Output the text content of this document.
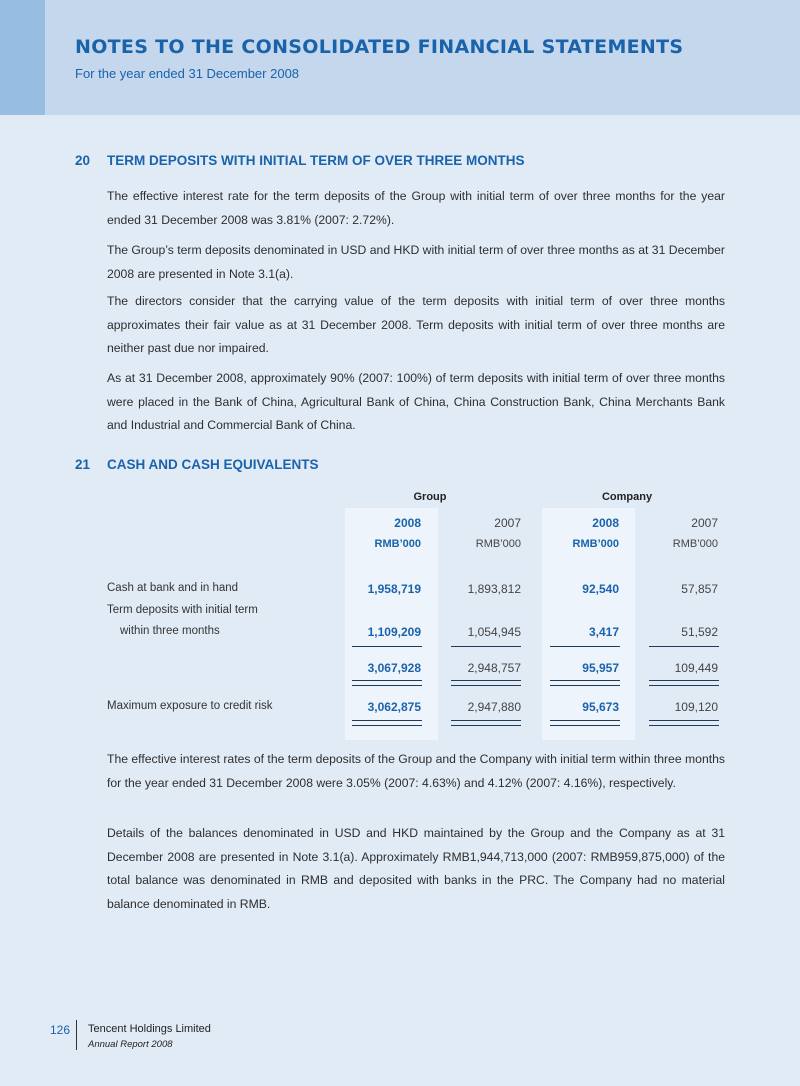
NOTES TO THE CONSOLIDATED FINANCIAL STATEMENTS
For the year ended 31 December 2008
20 TERM DEPOSITS WITH INITIAL TERM OF OVER THREE MONTHS

The effective interest rate for the term deposits of the Group with initial term of over three months for the year ended 31 December 2008 was 3.81% (2007: 2.72%).

The Group’s term deposits denominated in USD and HKD with initial term of over three months as at 31 December 2008 are presented in Note 3.1(a).

The directors consider that the carrying value of the term deposits with initial term of over three months approximates their fair value as at 31 December 2008. Term deposits with initial term of over three months are neither past due nor impaired.

As at 31 December 2008, approximately 90% (2007: 100%) of term deposits with initial term of over three months were placed in the Bank of China, Agricultural Bank of China, China Construction Bank, China Merchants Bank and Industrial and Commercial Bank of China.

21 CASH AND CASH EQUIVALENTS
Group	Company
2008	2007	2008	2007
RMB’000	RMB’000	RMB’000	RMB’000
Cash at bank and in hand	1,958,719	1,893,812	92,540	57,857
Term deposits with initial term
within three months	1,109,209	1,054,945	3,417	51,592
3,067,928	2,948,757	95,957	109,449
Maximum exposure to credit risk	3,062,875	2,947,880	95,673	109,120

The effective interest rates of the term deposits of the Group and the Company with initial term within three months for the year ended 31 December 2008 were 3.05% (2007: 4.63%) and 4.12% (2007: 4.16%), respectively.

Details of the balances denominated in USD and HKD maintained by the Group and the Company as at 31 December 2008 are presented in Note 3.1(a). Approximately RMB1,944,713,000 (2007: RMB959,875,000) of the total balance was denominated in RMB and deposited with banks in the PRC. The Company had no material balance denominated in RMB.

126 Tencent Holdings Limited
Annual Report 2008
